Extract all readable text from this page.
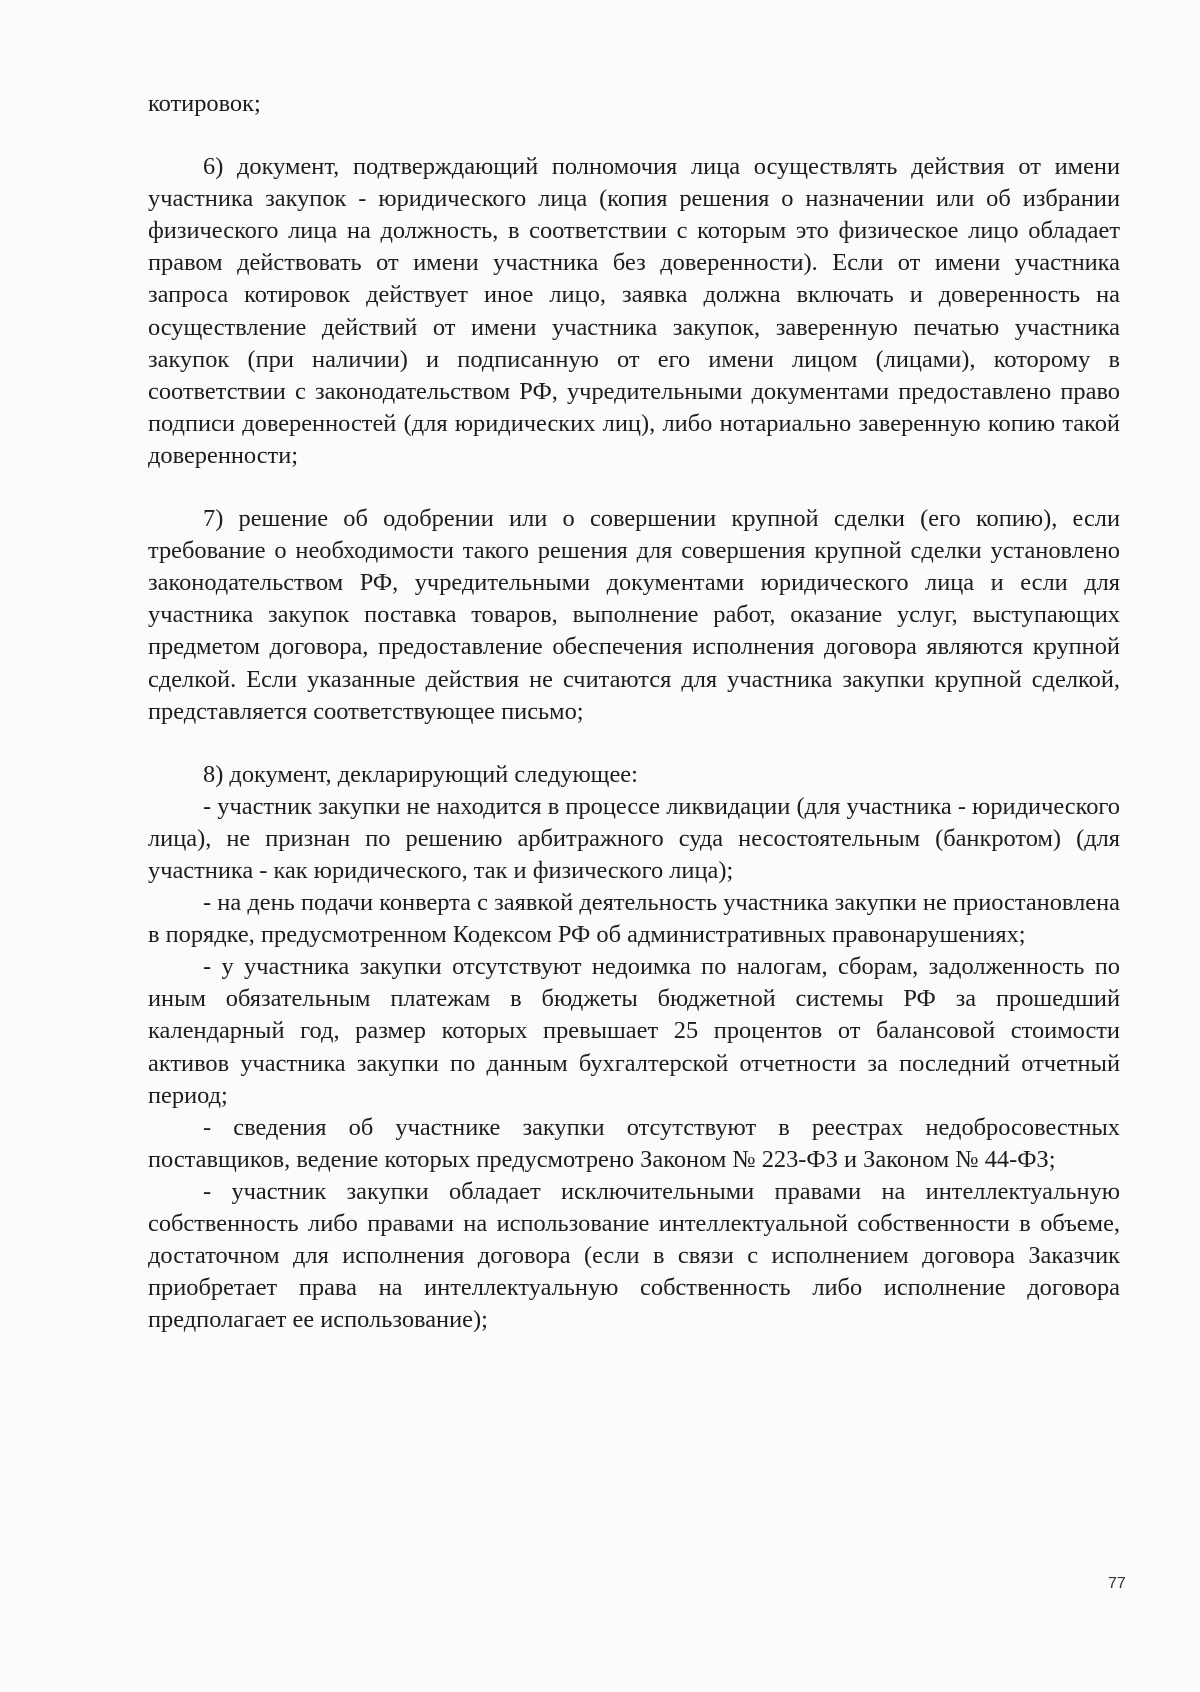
котировок;

6) документ, подтверждающий полномочия лица осуществлять действия от имени участника закупок - юридического лица (копия решения о назначении или об избрании физического лица на должность, в соответствии с которым это физическое лицо обладает правом действовать от имени участника без доверенности). Если от имени участника запроса котировок действует иное лицо, заявка должна включать и доверенность на осуществление действий от имени участника закупок, заверенную печатью участника закупок (при наличии) и подписанную от его имени лицом (лицами), которому в соответствии с законодательством РФ, учредительными документами предоставлено право подписи доверенностей (для юридических лиц), либо нотариально заверенную копию такой доверенности;

7) решение об одобрении или о совершении крупной сделки (его копию), если требование о необходимости такого решения для совершения крупной сделки установлено законодательством РФ, учредительными документами юридического лица и если для участника закупок поставка товаров, выполнение работ, оказание услуг, выступающих предметом договора, предоставление обеспечения исполнения договора являются крупной сделкой. Если указанные действия не считаются для участника закупки крупной сделкой, представляется соответствующее письмо;

8) документ, декларирующий следующее:

- участник закупки не находится в процессе ликвидации (для участника - юридического лица), не признан по решению арбитражного суда несостоятельным (банкротом) (для участника - как юридического, так и физического лица);

- на день подачи конверта с заявкой деятельность участника закупки не приостановлена в порядке, предусмотренном Кодексом РФ об административных правонарушениях;

- у участника закупки отсутствуют недоимка по налогам, сборам, задолженность по иным обязательным платежам в бюджеты бюджетной системы РФ за прошедший календарный год, размер которых превышает 25 процентов от балансовой стоимости активов участника закупки по данным бухгалтерской отчетности за последний отчетный период;

- сведения об участнике закупки отсутствуют в реестрах недобросовестных поставщиков, ведение которых предусмотрено Законом № 223-ФЗ и Законом № 44-ФЗ;

- участник закупки обладает исключительными правами на интеллектуальную собственность либо правами на использование интеллектуальной собственности в объеме, достаточном для исполнения договора (если в связи с исполнением договора Заказчик приобретает права на интеллектуальную собственность либо исполнение договора предполагает ее использование);

77
